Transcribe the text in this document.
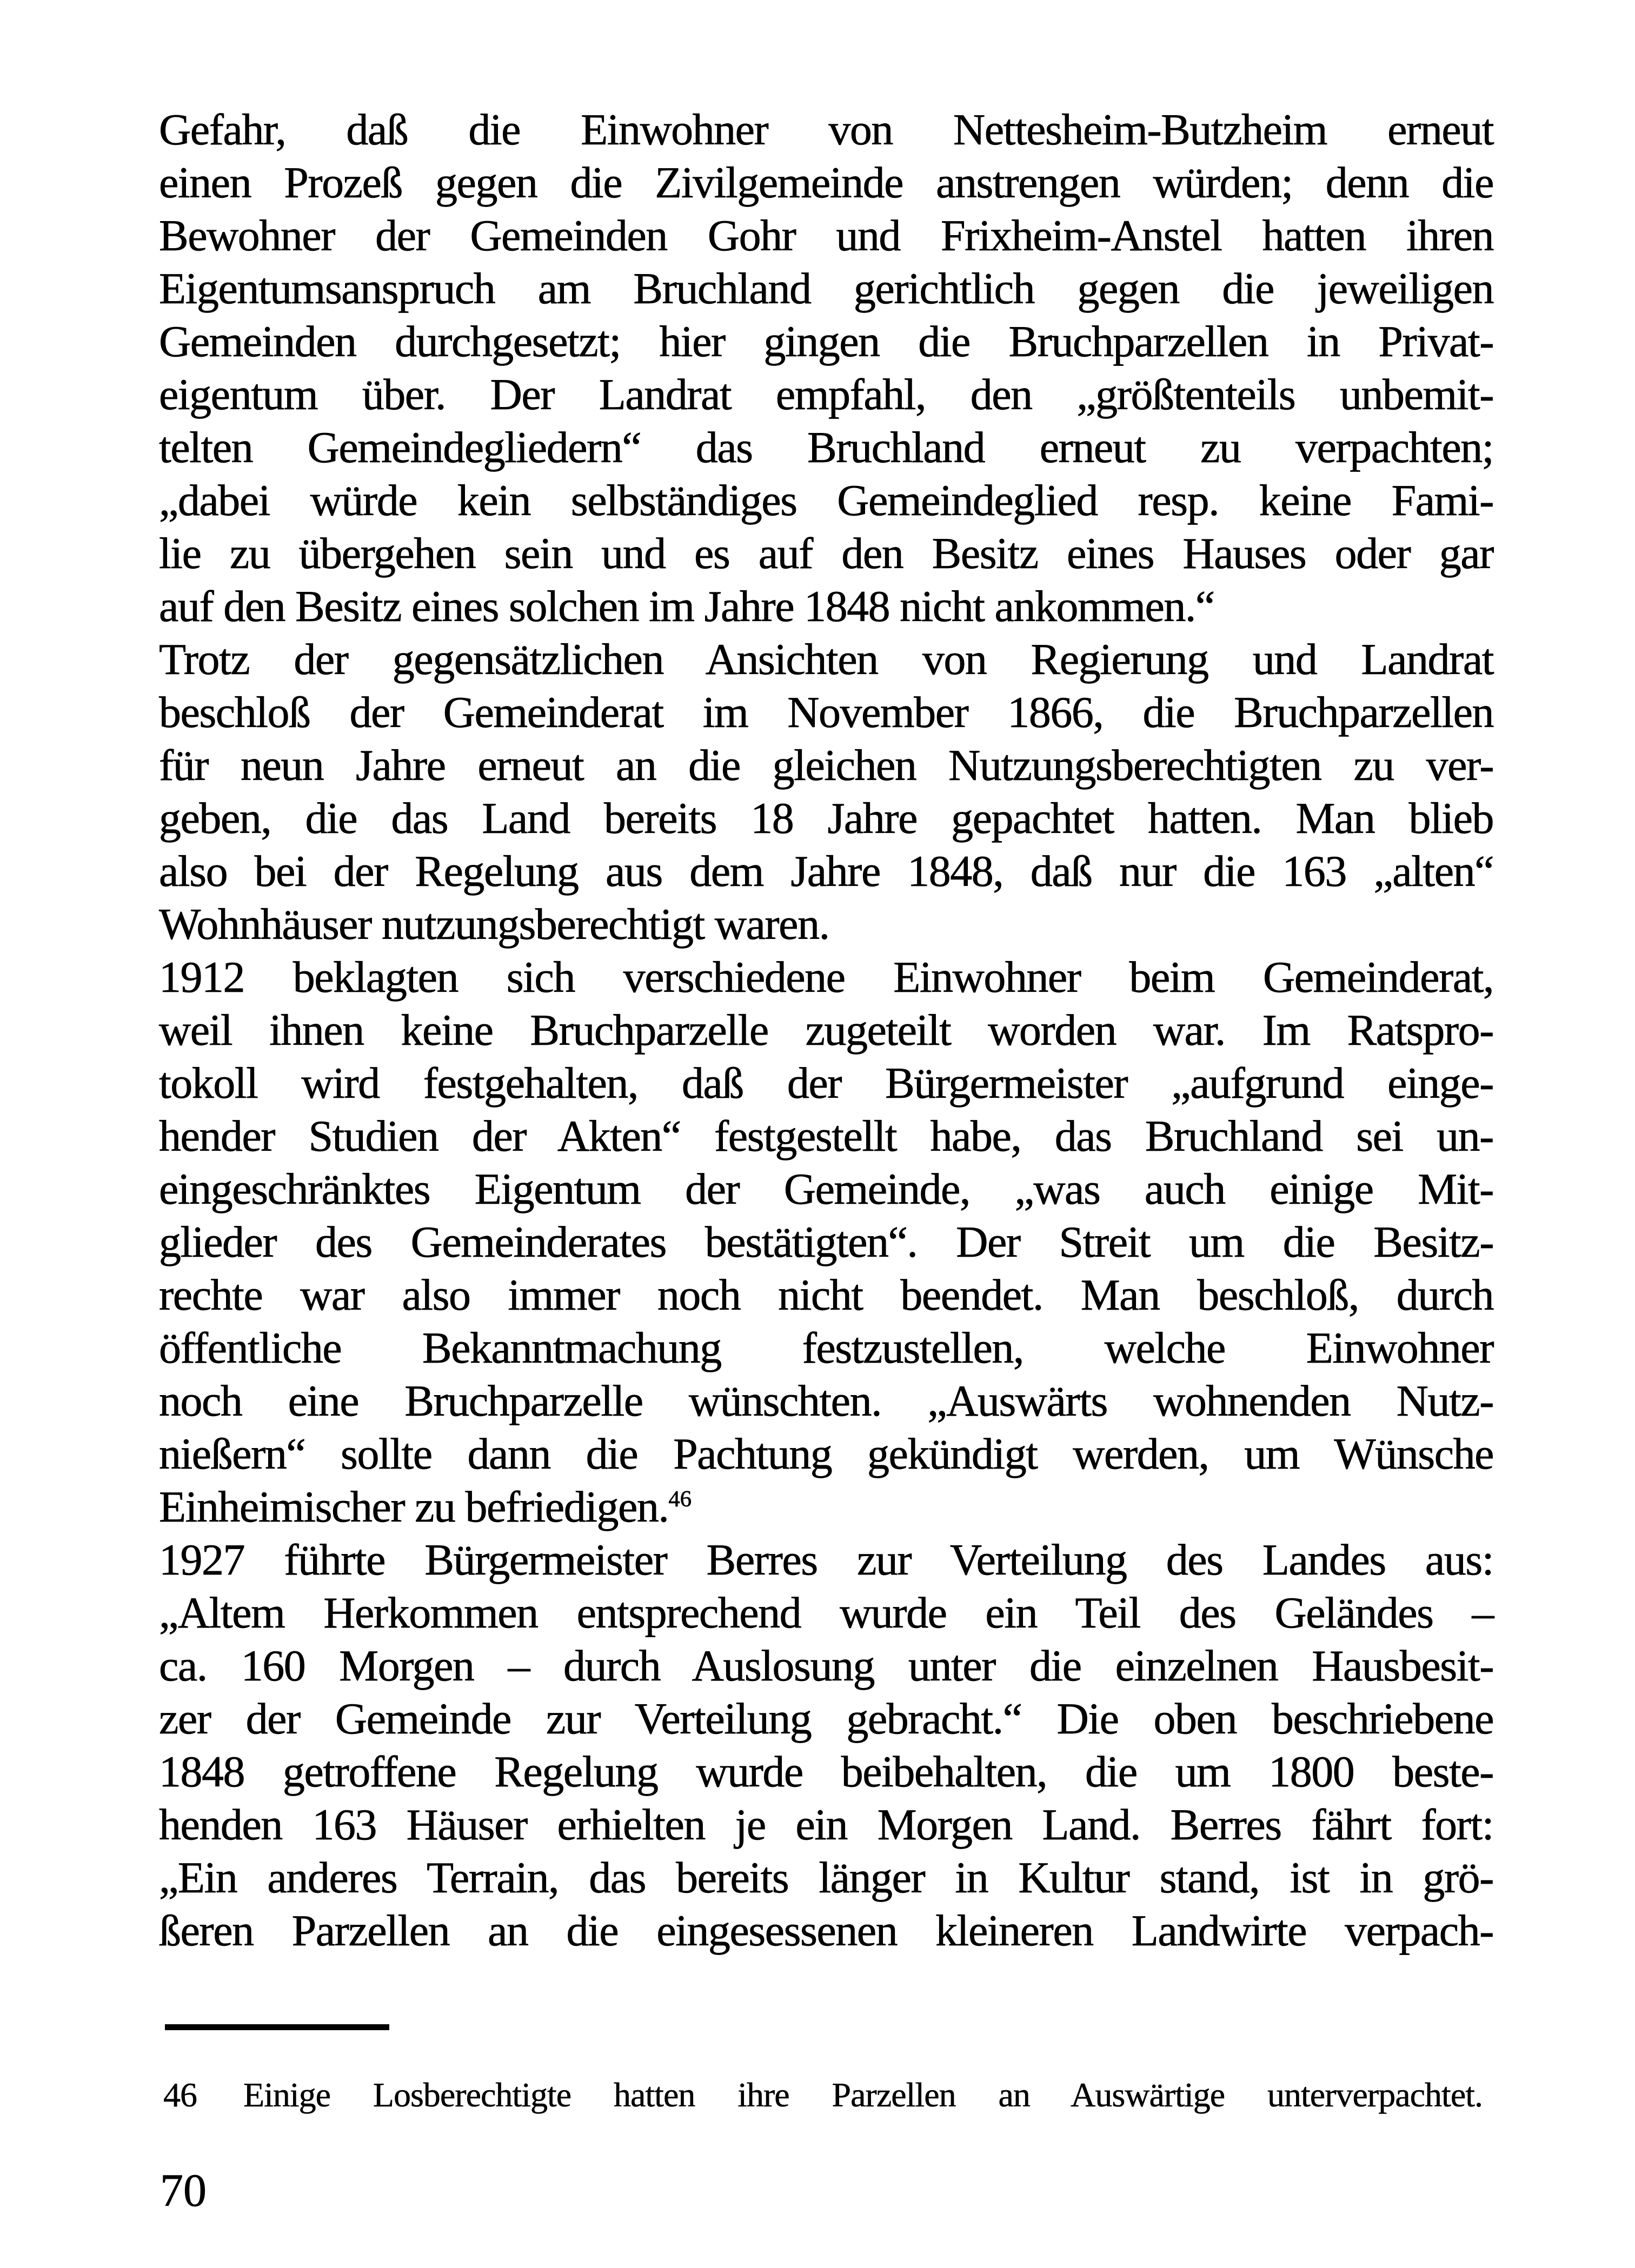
Gefahr, daß die Einwohner von Nettesheim-Butzheim erneut
einen Prozeß gegen die Zivilgemeinde anstrengen würden; denn die
Bewohner der Gemeinden Gohr und Frixheim-Anstel hatten ihren
Eigentumsanspruch am Bruchland gerichtlich gegen die jeweiligen
Gemeinden durchgesetzt; hier gingen die Bruchparzellen in Privat-
eigentum über. Der Landrat empfahl, den „größtenteils unbemit-
telten Gemeindegliedern“ das Bruchland erneut zu verpachten;
„dabei würde kein selbständiges Gemeindeglied resp. keine Fami-
lie zu übergehen sein und es auf den Besitz eines Hauses oder gar
auf den Besitz eines solchen im Jahre 1848 nicht ankommen.“
Trotz der gegensätzlichen Ansichten von Regierung und Landrat
beschloß der Gemeinderat im November 1866, die Bruchparzellen
für neun Jahre erneut an die gleichen Nutzungsberechtigten zu ver-
geben, die das Land bereits 18 Jahre gepachtet hatten. Man blieb
also bei der Regelung aus dem Jahre 1848, daß nur die 163 „alten“
Wohnhäuser nutzungsberechtigt waren.
1912 beklagten sich verschiedene Einwohner beim Gemeinderat,
weil ihnen keine Bruchparzelle zugeteilt worden war. Im Ratspro-
tokoll wird festgehalten, daß der Bürgermeister „aufgrund einge-
hender Studien der Akten“ festgestellt habe, das Bruchland sei un-
eingeschränktes Eigentum der Gemeinde, „was auch einige Mit-
glieder des Gemeinderates bestätigten“. Der Streit um die Besitz-
rechte war also immer noch nicht beendet. Man beschloß, durch
öffentliche Bekanntmachung festzustellen, welche Einwohner
noch eine Bruchparzelle wünschten. „Auswärts wohnenden Nutz-
nießern“ sollte dann die Pachtung gekündigt werden, um Wünsche
Einheimischer zu befriedigen.$^{46}$
1927 führte Bürgermeister Berres zur Verteilung des Landes aus:
„Altem Herkommen entsprechend wurde ein Teil des Geländes –
ca. 160 Morgen – durch Auslosung unter die einzelnen Hausbesit-
zer der Gemeinde zur Verteilung gebracht.“ Die oben beschriebene
1848 getroffene Regelung wurde beibehalten, die um 1800 beste-
henden 163 Häuser erhielten je ein Morgen Land. Berres fährt fort:
„Ein anderes Terrain, das bereits länger in Kultur stand, ist in grö-
ßeren Parzellen an die eingesessenen kleineren Landwirte verpach-
46 Einige Losberechtigte hatten ihre Parzellen an Auswärtige unterverpachtet.
70
